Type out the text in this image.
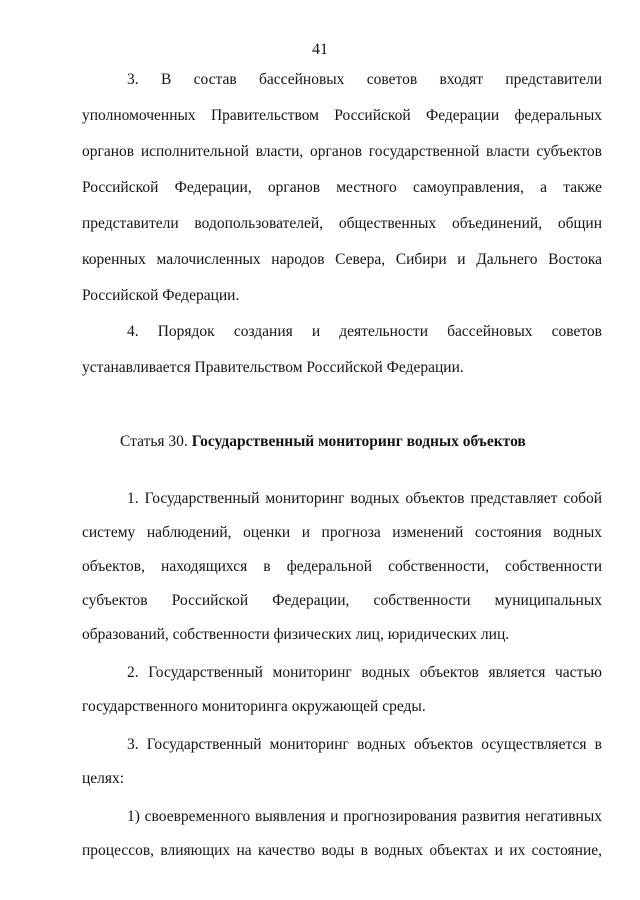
41

3. В состав бассейновых советов входят представители

уполномоченных Правительством Российской Федерации федеральных

органов исполнительной власти, органов государственной власти субъектов

Российской Федерации, органов местного самоуправления, а также

представители водопользователей, общественных объединений, общин

коренных малочисленных народов Севера, Сибири и Дальнего Востока

Российской Федерации.

4. Порядок создания и деятельности бассейновых советов

устанавливается Правительством Российской Федерации.

Статья 30. Государственный мониторинг водных объектов

1. Государственный мониторинг водных объектов представляет собой

систему наблюдений, оценки и прогноза изменений состояния водных

объектов, находящихся в федеральной собственности, собственности

субъектов Российской Федерации, собственности муниципальных

образований, собственности физических лиц, юридических лиц.

2. Государственный мониторинг водных объектов является частью

государственного мониторинга окружающей среды.

3. Государственный мониторинг водных объектов осуществляется в

целях:

1) своевременного выявления и прогнозирования развития негативных

процессов, влияющих на качество воды в водных объектах и их состояние,
